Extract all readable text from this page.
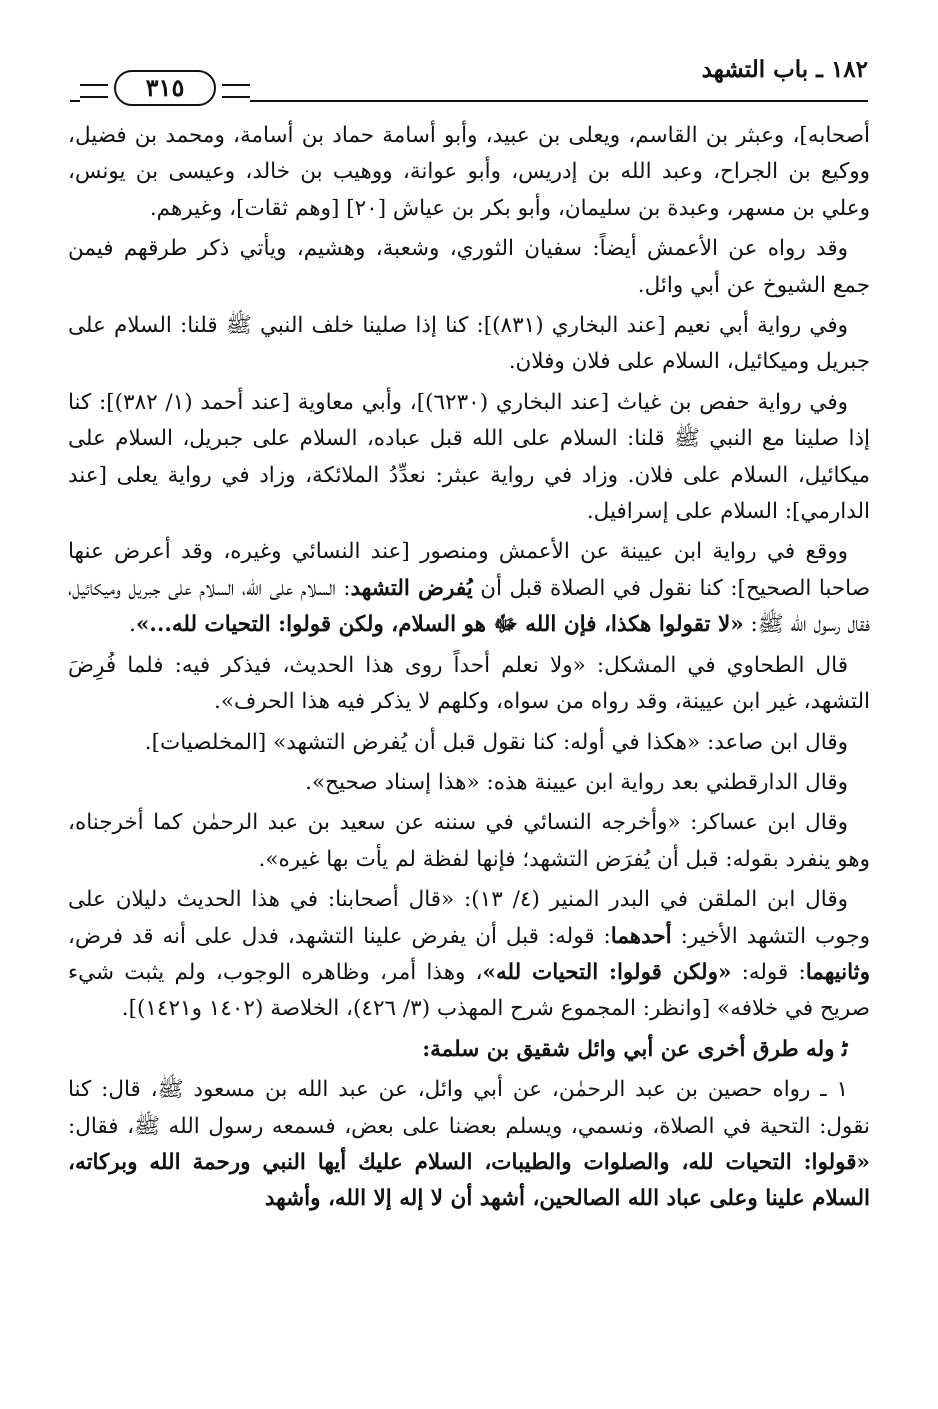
١٨٢ ـ باب التشهد
٣١٥

أصحابه]، وعبثر بن القاسم، ويعلى بن عبيد، وأبو أسامة حماد بن أسامة، ومحمد بن فضيل، ووكيع بن الجراح، وعبد الله بن إدريس، وأبو عوانة، ووهيب بن خالد، وعيسى بن يونس، وعلي بن مسهر، وعبدة بن سليمان، وأبو بكر بن عياش [٢٠] [وهم ثقات]، وغيرهم.

وقد رواه عن الأعمش أيضاً: سفيان الثوري، وشعبة، وهشيم، ويأتي ذكر طرقهم فيمن جمع الشيوخ عن أبي وائل.

وفي رواية أبي نعيم [عند البخاري (٨٣١)]: كنا إذا صلينا خلف النبي ﷺ قلنا: السلام على جبريل وميكائيل، السلام على فلان وفلان.

وفي رواية حفص بن غياث [عند البخاري (٦٢٣٠)]، وأبي معاوية [عند أحمد (١/ ٣٨٢)]: كنا إذا صلينا مع النبي ﷺ قلنا: السلام على الله قبل عباده، السلام على جبريل، السلام على ميكائيل، السلام على فلان. وزاد في رواية عبثر: نعدِّدُ الملائكة، وزاد في رواية يعلى [عند الدارمي]: السلام على إسرافيل.

ووقع في رواية ابن عيينة عن الأعمش ومنصور [عند النسائي وغيره، وقد أعرض عنها صاحبا الصحيح]: كنا نقول في الصلاة قبل أن يُفرض التشهد: السلام على الله، السلام على جبريل وميكائيل، فقال رسول الله ﷺ: «لا تقولوا هكذا، فإن الله ﷻ هو السلام، ولكن قولوا: التحيات لله...».

قال الطحاوي في المشكل: «ولا نعلم أحداً روى هذا الحديث، فيذكر فيه: فلما فُرِضَ التشهد، غير ابن عيينة، وقد رواه من سواه، وكلهم لا يذكر فيه هذا الحرف».

وقال ابن صاعد: «هكذا في أوله: كنا نقول قبل أن يُفرض التشهد» [المخلصيات].

وقال الدارقطني بعد رواية ابن عيينة هذه: «هذا إسناد صحيح».

وقال ابن عساكر: «وأخرجه النسائي في سننه عن سعيد بن عبد الرحمٰن كما أخرجناه، وهو ينفرد بقوله: قبل أن يُفرَض التشهد؛ فإنها لفظة لم يأت بها غيره».

وقال ابن الملقن في البدر المنير (٤/ ١٣): «قال أصحابنا: في هذا الحديث دليلان على وجوب التشهد الأخير: أحدهما: قوله: قبل أن يفرض علينا التشهد، فدل على أنه قد فرض، وثانيهما: قوله: «ولكن قولوا: التحيات لله»، وهذا أمر، وظاهره الوجوب، ولم يثبت شيء صريح في خلافه» [وانظر: المجموع شرح المهذب (٣/ ٤٢٦)، الخلاصة (١٤٠٢ و١٤٢١)].

ﮢ وله طرق أخرى عن أبي وائل شقيق بن سلمة:

١ ـ رواه حصين بن عبد الرحمٰن، عن أبي وائل، عن عبد الله بن مسعود ﷺ، قال: كنا نقول: التحية في الصلاة، ونسمي، ويسلم بعضنا على بعض، فسمعه رسول الله ﷺ، فقال: «قولوا: التحيات لله، والصلوات والطيبات، السلام عليك أيها النبي ورحمة الله وبركاته، السلام علينا وعلى عباد الله الصالحين، أشهد أن لا إله إلا الله، وأشهد
